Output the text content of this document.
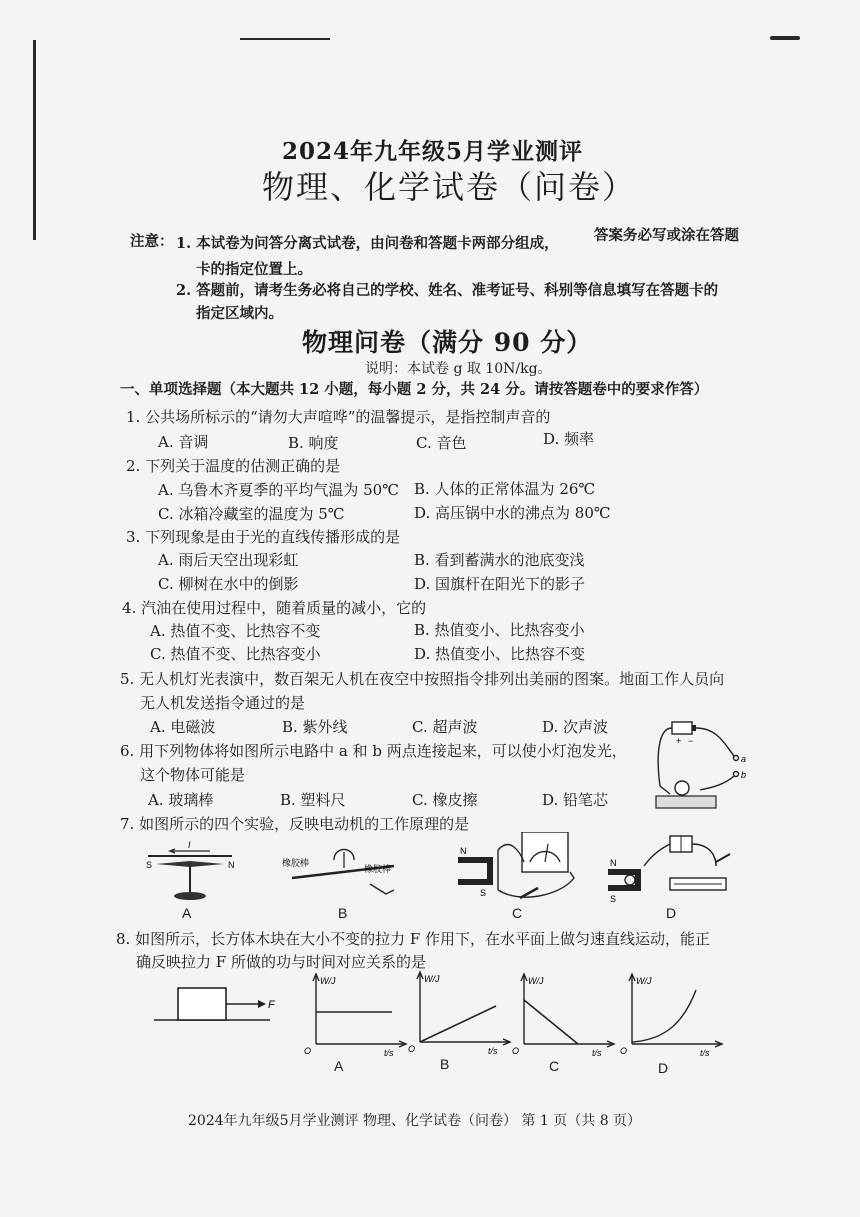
2024年九年级5月学业测评
物理、化学试卷（问卷）
注意： 1. 本试卷为问答分离式试卷，由问卷和答题卡两部分组成， 答案务必写或涂在答题
卡的指定位置上。
2. 答题前，请考生务必将自己的学校、姓名、准考证号、科别等信息填写在答题卡的
指定区域内。
物理问卷（满分 90 分）
说明：本试卷 g 取 10N/kg。
一、单项选择题（本大题共 12 小题，每小题 2 分，共 24 分。请按答题卷中的要求作答）
1. 公共场所标示的“请勿大声喧哗”的温馨提示，是指控制声音的
A. 音调	B. 响度	C. 音色	D. 频率
2. 下列关于温度的估测正确的是
A. 乌鲁木齐夏季的平均气温为 50℃ B. 人体的正常体温为 26℃
C. 冰箱冷藏室的温度为 5℃	D. 高压锅中水的沸点为 80℃
3. 下列现象是由于光的直线传播形成的是
A. 雨后天空出现彩虹	B. 看到蓄满水的池底变浅
C. 柳树在水中的倒影	D. 国旗杆在阳光下的影子
4. 汽油在使用过程中，随着质量的减小，它的
A. 热值不变、比热容不变	B. 热值变小、比热容变小
C. 热值不变、比热容变小	D. 热值变小、比热容不变
5. 无人机灯光表演中，数百架无人机在夜空中按照指令排列出美丽的图案。地面工作人员向
无人机发送指令通过的是
A. 电磁波	B. 紫外线	C. 超声波	D. 次声波
6. 用下列物体将如图所示电路中 a 和 b 两点连接起来，可以使小灯泡发光，
这个物体可能是
A. 玻璃棒	B. 塑料尺	C. 橡皮擦	D. 铅笔芯
+ −
a
b
7. 如图所示的四个实验，反映电动机的工作原理的是
I
S	N
A
橡胶棒
橡胶棒
B
N
S
C
N
S
D
8. 如图所示，长方体木块在大小不变的拉力 F 作用下，在水平面上做匀速直线运动，能正
确反映拉力 F 所做的功与时间对应关系的是
F
W/J
t/s
O
A
W/J
t/s
O
B
W/J
t/s
O
C
W/J
t/s
O
D
2024年九年级5月学业测评 物理、化学试卷（问卷） 第 1 页（共 8 页）
